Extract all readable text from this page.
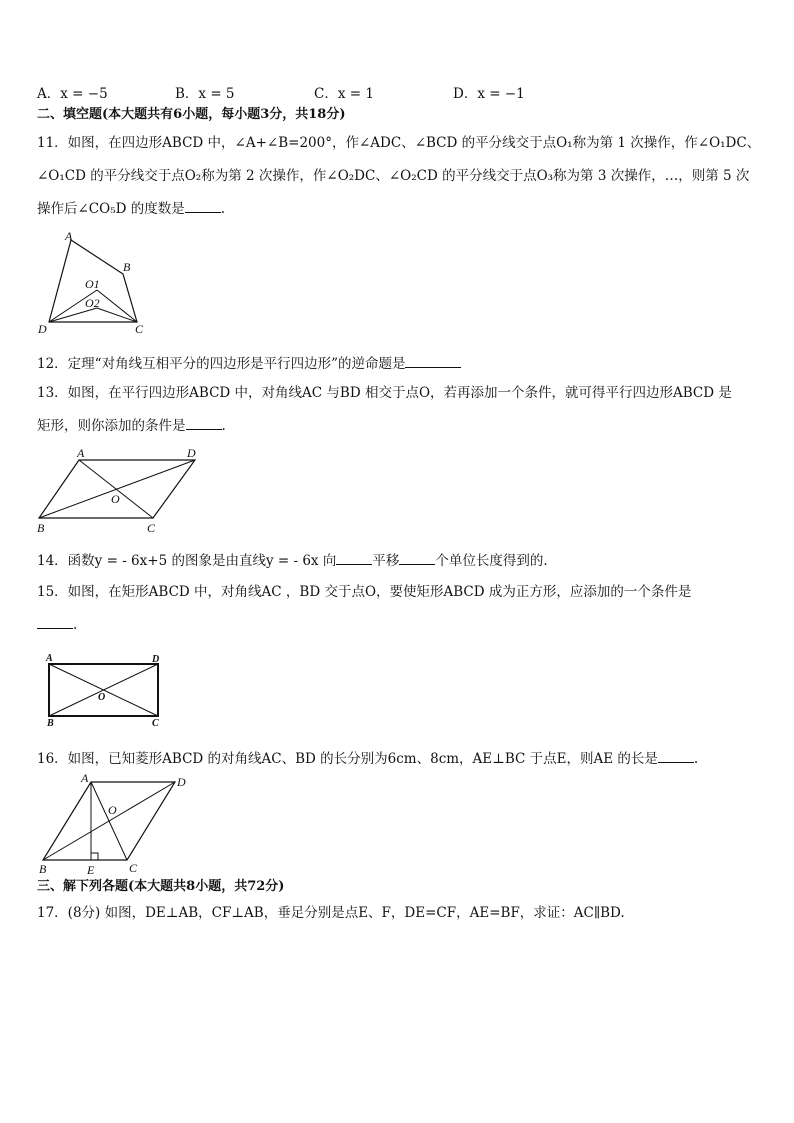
A．x = −5	B．x = 5	C．x = 1	D．x = −1
二、填空题(本大题共有6小题，每小题3分，共18分)
11．如图，在四边形ABCD 中，∠A+∠B=200°，作∠ADC、∠BCD 的平分线交于点O₁称为第 1 次操作，作∠O₁DC、
∠O₁CD 的平分线交于点O₂称为第 2 次操作，作∠O₂DC、∠O₂CD 的平分线交于点O₃称为第 3 次操作，…，则第 5 次
操作后∠CO₅D 的度数是	.
A
B
C
D
O1
O2
12．定理“对角线互相平分的四边形是平行四边形”的逆命题是
13．如图，在平行四边形ABCD 中，对角线AC 与BD 相交于点O，若再添加一个条件，就可得平行四边形ABCD 是
矩形，则你添加的条件是	.
A	D
B	C
O
14．函数y = - 6x+5 的图象是由直线y = - 6x 向	平移	个单位长度得到的.
15．如图，在矩形ABCD 中，对角线AC ，BD 交于点O，要使矩形ABCD 成为正方形，应添加的一个条件是
.
A	D
B	C
O
16．如图，已知菱形ABCD 的对角线AC、BD 的长分别为6cm、8cm，AE⊥BC 于点E，则AE 的长是	.
A	D
B	C
O
E
三、解下列各题(本大题共8小题，共72分)
17．(8分) 如图，DE⊥AB，CF⊥AB，垂足分别是点E、F，DE=CF，AE=BF，求证：AC∥BD.
